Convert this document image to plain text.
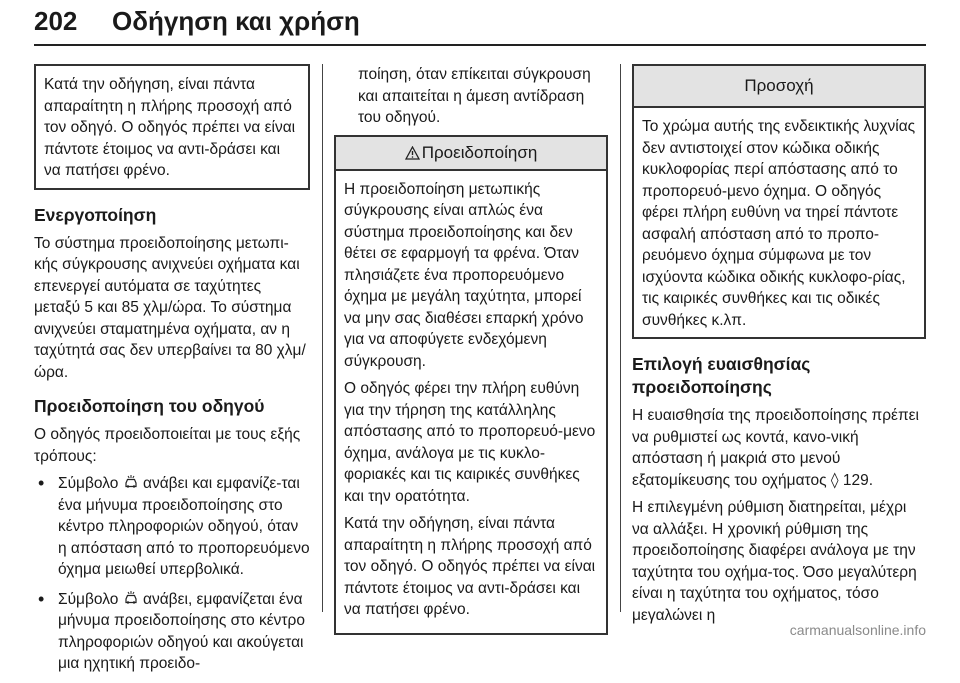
202 Οδήγηση και χρήση
Κατά την οδήγηση, είναι πάντα απαραίτητη η πλήρης προσοχή από τον οδηγό. Ο οδηγός πρέπει να είναι πάντοτε έτοιμος να αντι-δράσει και να πατήσει φρένο.
Ενεργοποίηση

Το σύστημα προειδοποίησης μετωπι-κής σύγκρουσης ανιχνεύει οχήματα και επενεργεί αυτόματα σε ταχύτητες μεταξύ 5 και 85 χλμ/ώρα. Το σύστημα ανιχνεύει σταματημένα οχήματα, αν η ταχύτητά σας δεν υπερβαίνει τα 80 χλμ/ώρα.

Προειδοποίηση του οδηγού

Ο οδηγός προειδοποιείται με τους εξής τρόπους:

• Σύμβολο ανάβει και εμφανίζε-ται ένα μήνυμα προειδοποίησης στο κέντρο πληροφοριών οδηγού, όταν η απόσταση από το προπορευόμενο όχημα μειωθεί υπερβολικά.
• Σύμβολο ανάβει, εμφανίζεται ένα μήνυμα προειδοποίησης στο κέντρο πληροφοριών οδηγού και ακούγεται μια ηχητική προειδο-

ποίηση, όταν επίκειται σύγκρουση και απαιτείται η άμεση αντίδραση του οδηγού.

Προειδοποίηση

Η προειδοποίηση μετωπικής σύγκρουσης είναι απλώς ένα σύστημα προειδοποίησης και δεν θέτει σε εφαρμογή τα φρένα. Όταν πλησιάζετε ένα προπορευόμενο όχημα με μεγάλη ταχύτητα, μπορεί να μην σας διαθέσει επαρκή χρόνο για να αποφύγετε ενδεχόμενη σύγκρουση.

Ο οδηγός φέρει την πλήρη ευθύνη για την τήρηση της κατάλληλης απόστασης από το προπορευό-μενο όχημα, ανάλογα με τις κυκλο-φοριακές και τις καιρικές συνθήκες και την ορατότητα.

Κατά την οδήγηση, είναι πάντα απαραίτητη η πλήρης προσοχή από τον οδηγό. Ο οδηγός πρέπει να είναι πάντοτε έτοιμος να αντι-δράσει και να πατήσει φρένο.

Προσοχή
Το χρώμα αυτής της ενδεικτικής λυχνίας δεν αντιστοιχεί στον κώδικα οδικής κυκλοφορίας περί απόστασης από το προπορευό-μενο όχημα. Ο οδηγός φέρει πλήρη ευθύνη να τηρεί πάντοτε ασφαλή απόσταση από το προπο-ρευόμενο όχημα σύμφωνα με τον ισχύοντα κώδικα οδικής κυκλοφο-ρίας, τις καιρικές συνθήκες και τις οδικές συνθήκες κ.λπ.
Επιλογή ευαισθησίας προειδοποίησης

Η ευαισθησία της προειδοποίησης πρέπει να ρυθμιστεί ως κοντά, κανο-νική απόσταση ή μακριά στο μενού εξατομίκευσης του οχήματος ◊ 129.

Η επιλεγμένη ρύθμιση διατηρείται, μέχρι να αλλάξει. Η χρονική ρύθμιση της προειδοποίησης διαφέρει ανάλογα με την ταχύτητα του οχήμα-τος. Όσο μεγαλύτερη είναι η ταχύτητα του οχήματος, τόσο μεγαλώνει η

carmanualsonline.info
